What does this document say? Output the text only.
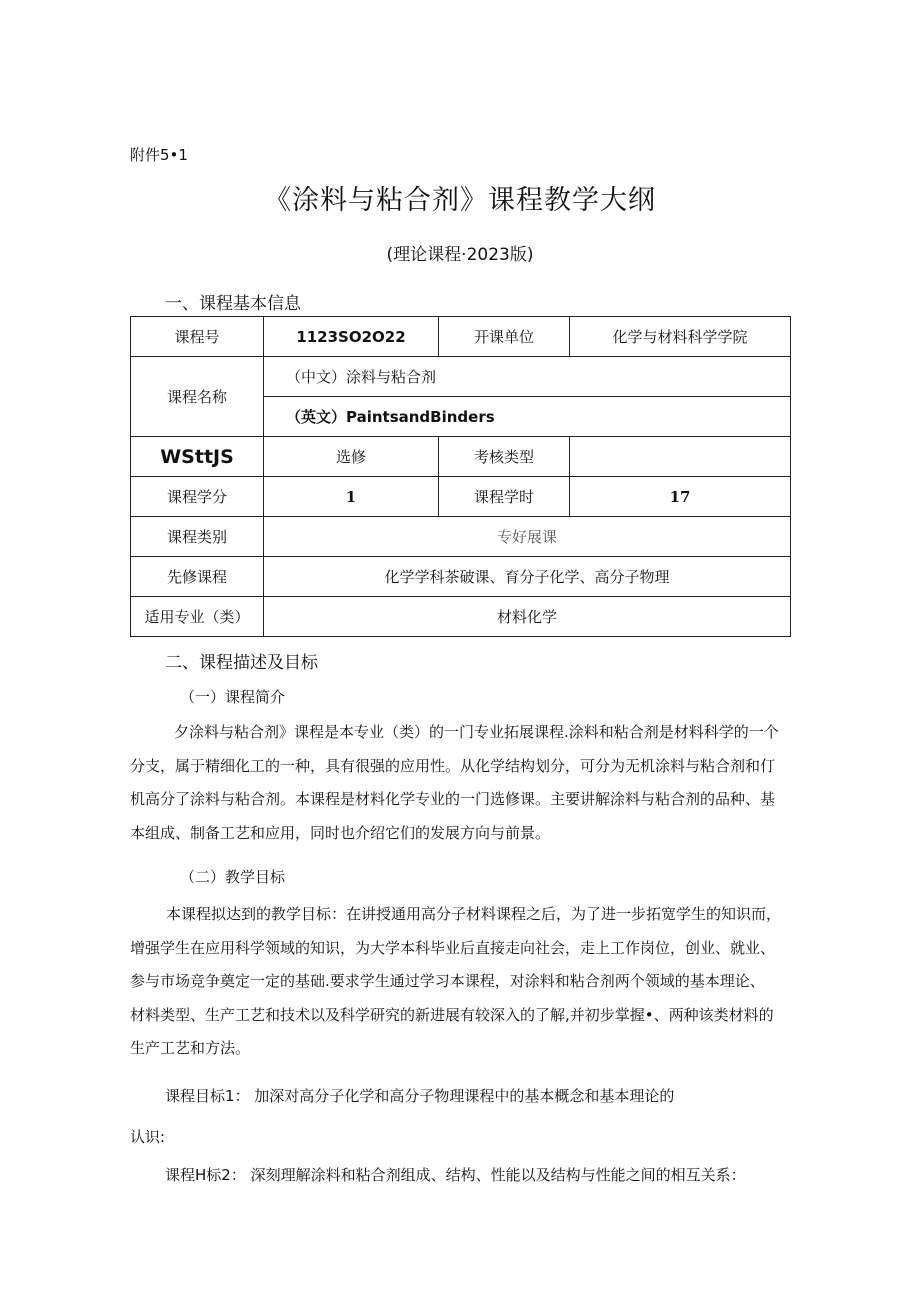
附件5•1
《涂料与粘合剂》课程教学大纲
(理论课程·2023版)
一、课程基本信息
课程号	1123SO2O22	开课单位	化学与材料科学学院
课程名称	（中文）涂料与粘合剂		
	（英文）PaintsandBinders		
WSttJS	选修	考核类型	
课程学分	1	课程学时	17
课程类别	专好展课		
先修课程	化学学科茶破课、育分子化学、高分子物理		
适用专业（类）	材料化学		
二、课程描述及目标
（一）课程简介
夕涂料与粘合剂》课程是本专业（类）的一门专业拓展课程.涂料和粘合剂是材料科学的一个
分支，属于精细化工的一种，具有很强的应用性。从化学结构划分，可分为无机涂料与粘合剂和仃
机高分了涂料与粘合剂。本课程是材料化学专业的一门选修课。主要讲解涂料与粘合剂的品种、基
本组成、制备工艺和应用，同时也介绍它们的发展方向与前景。
（二）教学目标
本课程拟达到的教学目标：在讲授通用高分子材料课程之后，为了进一步拓宽学生的知识而，
增强学生在应用科学领域的知识，为大学本科毕业后直接走向社会，走上工作岗位，创业、就业、
参与市场竞争奠定一定的基础.要求学生通过学习本课程，对涂料和粘合剂两个领域的基本理论、
材料类型、生产工艺和技术以及科学研究的新进展有较深入的了解,并初步掌握•、两种该类材料的
生产工艺和方法。
课程目标1： 加深对高分子化学和高分子物理课程中的基本概念和基本理论的
认识:
课程H标2： 深刻理解涂料和粘合剂组成、结构、性能以及结构与性能之间的相互关系：
